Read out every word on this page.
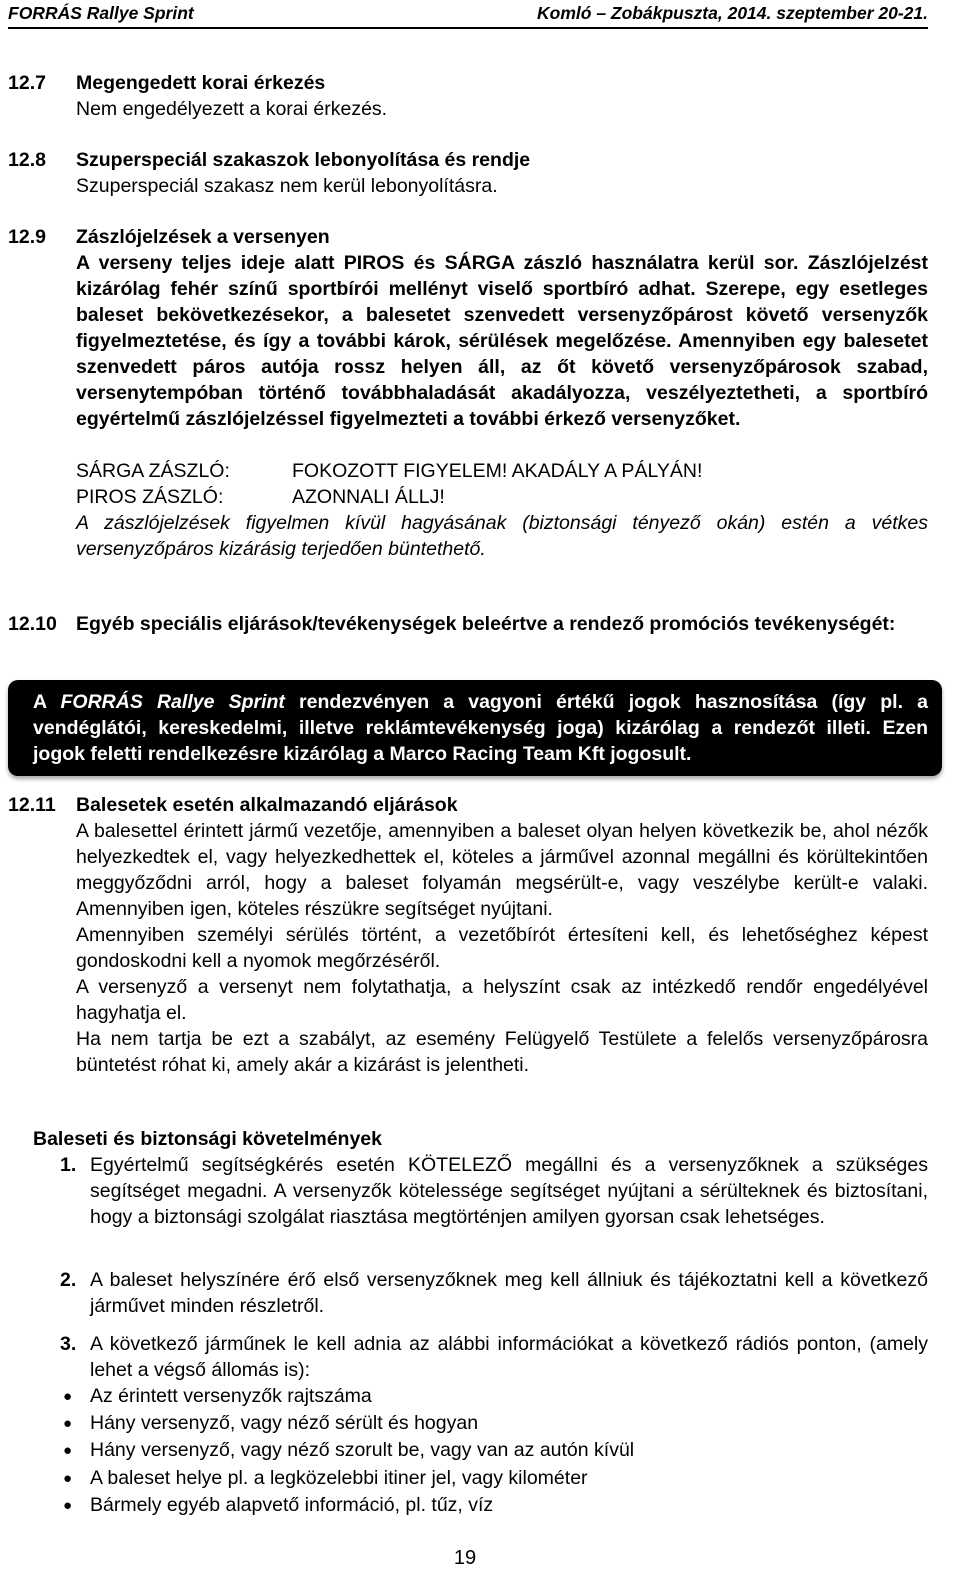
FORRÁS Rallye Sprint	Komló – Zobákpuszta, 2014. szeptember 20-21.
12.7 Megengedett korai érkezés

Nem engedélyezett a korai érkezés.

12.8 Szuperspeciál szakaszok lebonyolítása és rendje

Szuperspeciál szakasz nem kerül lebonyolításra.

12.9 Zászlójelzések a versenyen

A verseny teljes ideje alatt PIROS és SÁRGA zászló használatra kerül sor. Zászlójelzést kizárólag fehér színű sportbírói mellényt viselő sportbíró adhat. Szerepe, egy esetleges baleset bekövetkezésekor, a balesetet szenvedett versenyzőpárost követő versenyzők figyelmeztetése, és így a további károk, sérülések megelőzése. Amennyiben egy balesetet szenvedett páros autója rossz helyen áll, az őt követő versenyzőpárosok szabad, versenytempóban történő továbbhaladását akadályozza, veszélyeztetheti, a sportbíró egyértelmű zászlójelzéssel figyelmezteti a további érkező versenyzőket.

SÁRGA ZÁSZLÓ:	FOKOZOTT FIGYELEM! AKADÁLY A PÁLYÁN!
PIROS ZÁSZLÓ:	AZONNALI ÁLLJ!

A zászlójelzések figyelmen kívül hagyásának (biztonsági tényező okán) estén a vétkes versenyzőpáros kizárásig terjedően büntethető.

12.10 Egyéb speciális eljárások/tevékenységek beleértve a rendező promóciós tevékenységét:

A FORRÁS Rallye Sprint rendezvényen a vagyoni értékű jogok hasznosítása (így pl. a vendéglátói, kereskedelmi, illetve reklámtevékenység joga) kizárólag a rendezőt illeti. Ezen jogok feletti rendelkezésre kizárólag a Marco Racing Team Kft jogosult.

12.11 Balesetek esetén alkalmazandó eljárások

A balesettel érintett jármű vezetője, amennyiben a baleset olyan helyen következik be, ahol nézők helyezkedtek el, vagy helyezkedhettek el, köteles a járművel azonnal megállni és körültekintően meggyőződni arról, hogy a baleset folyamán megsérült-e, vagy veszélybe került-e valaki. Amennyiben igen, köteles részükre segítséget nyújtani.

Amennyiben személyi sérülés történt, a vezetőbírót értesíteni kell, és lehetőséghez képest gondoskodni kell a nyomok megőrzéséről.

A versenyző a versenyt nem folytathatja, a helyszínt csak az intézkedő rendőr engedélyével hagyhatja el.

Ha nem tartja be ezt a szabályt, az esemény Felügyelő Testülete a felelős versenyzőpárosra büntetést róhat ki, amely akár a kizárást is jelentheti.

Baleseti és biztonsági követelmények

1. Egyértelmű segítségkérés esetén KÖTELEZŐ megállni és a versenyzőknek a szükséges segítséget megadni. A versenyzők kötelessége segítséget nyújtani a sérülteknek és biztosítani, hogy a biztonsági szolgálat riasztása megtörténjen amilyen gyorsan csak lehetséges.
2. A baleset helyszínére érő első versenyzőknek meg kell állniuk és tájékoztatni kell a következő járművet minden részletről.
3. A következő járműnek le kell adnia az alábbi információkat a következő rádiós ponton, (amely lehet a végső állomás is):
● Az érintett versenyzők rajtszáma
● Hány versenyző, vagy néző sérült és hogyan
● Hány versenyző, vagy néző szorult be, vagy van az autón kívül
● A baleset helye pl. a legközelebbi itiner jel, vagy kilométer
● Bármely egyéb alapvető információ, pl. tűz, víz
19
